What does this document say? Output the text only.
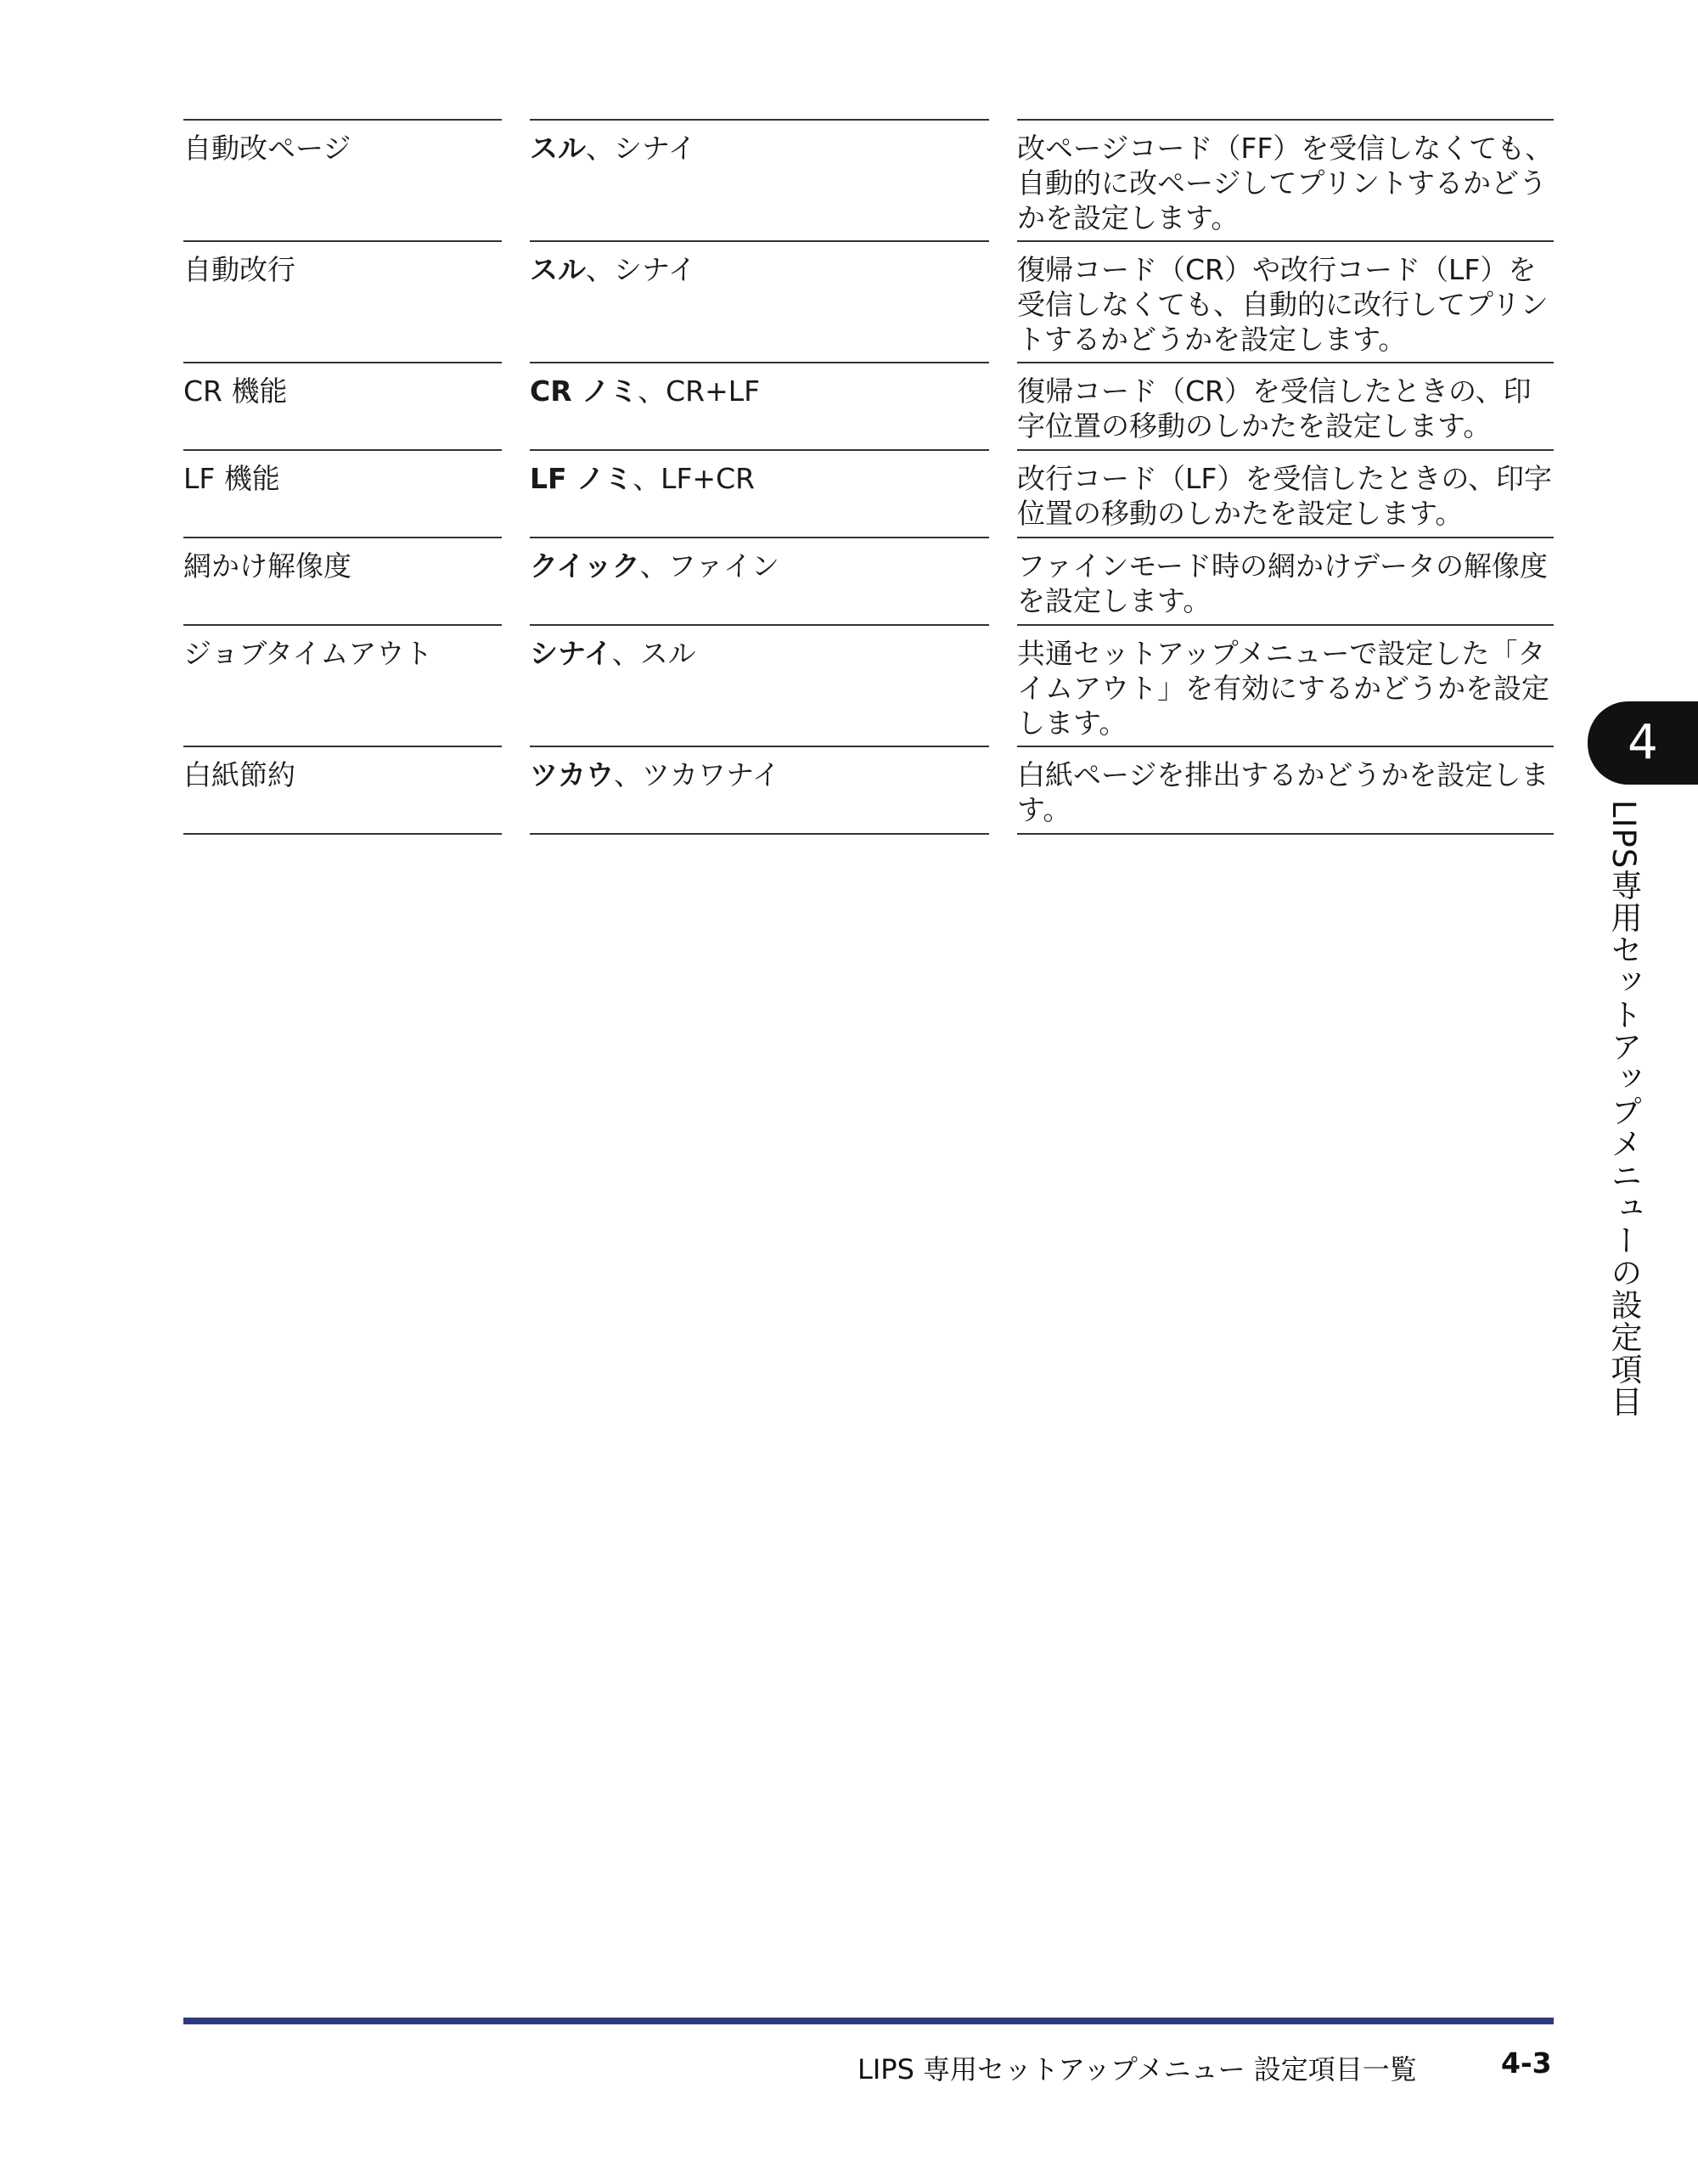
自動改ページ	スル、シナイ	改ページコード（FF）を受信しなくても、自動的に改ページしてプリントするかどうかを設定します。
自動改行	スル、シナイ	復帰コード（CR）や改行コード（LF）を受信しなくても、自動的に改行してプリントするかどうかを設定します。
CR 機能	CR ノミ、CR+LF	復帰コード（CR）を受信したときの、印字位置の移動のしかたを設定します。
LF 機能	LF ノミ、LF+CR	改行コード（LF）を受信したときの、印字位置の移動のしかたを設定します。
網かけ解像度	クイック、ファイン	ファインモード時の網かけデータの解像度を設定します。
ジョブタイムアウト	シナイ、スル	共通セットアップメニューで設定した「タイムアウト」を有効にするかどうかを設定します。
白紙節約	ツカウ、ツカワナイ	白紙ページを排出するかどうかを設定します。
4
LIPS専用セットアップメニューの設定項目
LIPS 専用セットアップメニュー 設定項目一覧	4-3
